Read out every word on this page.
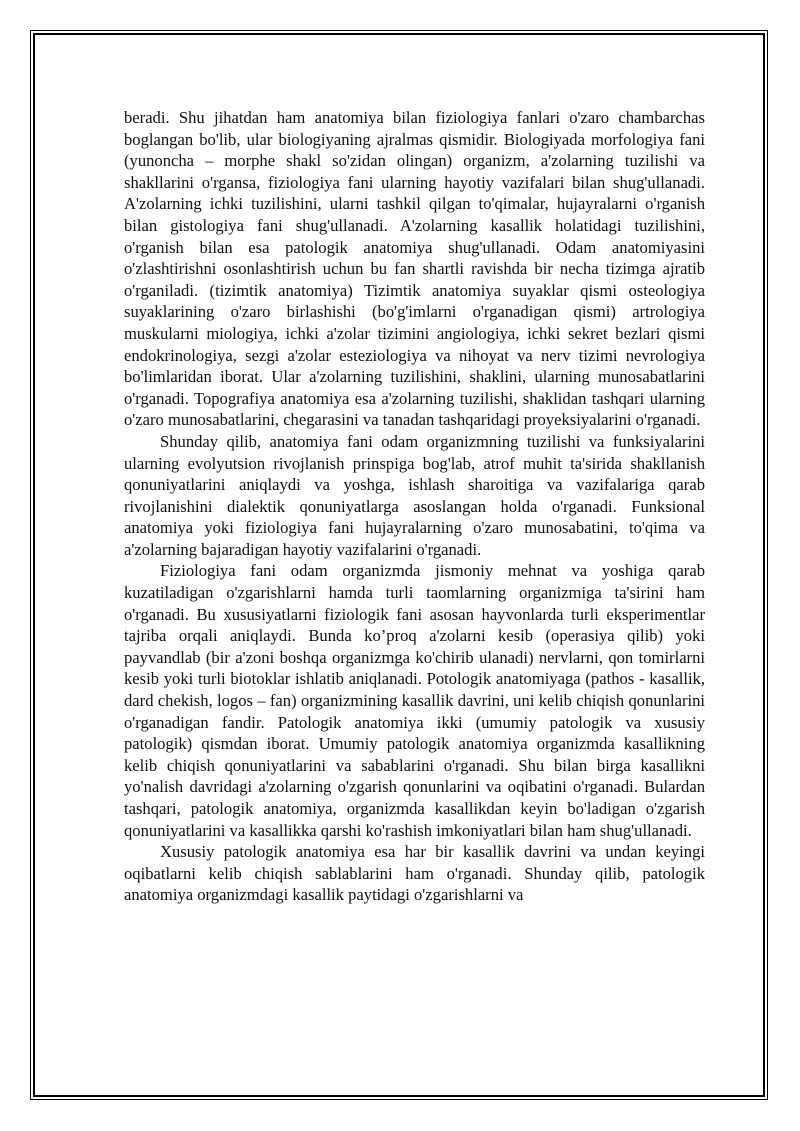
beradi. Shu jihatdan ham anatomiya bilan fiziologiya fanlari o'zaro chambarchas boglangan bo'lib, ular biologiyaning ajralmas qismidir. Biologiyada morfologiya fani (yunoncha – morphe shakl so'zidan olingan) organizm, a'zolarning tuzilishi va shakllarini o'rgansa, fiziologiya fani ularning hayotiy vazifalari bilan shug'ullanadi. A'zolarning ichki tuzilishini, ularni tashkil qilgan to'qimalar, hujayralarni o'rganish bilan gistologiya fani shug'ullanadi. A'zolarning kasallik holatidagi tuzilishini, o'rganish bilan esa patologik anatomiya shug'ullanadi. Odam anatomiyasini o'zlashtirishni osonlashtirish uchun bu fan shartli ravishda bir necha tizimga ajratib o'rganiladi. (tizimtik anatomiya) Tizimtik anatomiya suyaklar qismi osteologiya suyaklarining o'zaro birlashishi (bo'g'imlarni o'rganadigan qismi) artrologiya muskularni miologiya, ichki a'zolar tizimini angiologiya, ichki sekret bezlari qismi endokrinologiya, sezgi a'zolar esteziologiya va nihoyat va nerv tizimi nevrologiya bo'limlaridan iborat. Ular a'zolarning tuzilishini, shaklini, ularning munosabatlarini o'rganadi. Topografiya anatomiya esa a'zolarning tuzilishi, shaklidan tashqari ularning o'zaro munosabatlarini, chegarasini va tanadan tashqaridagi proyeksiyalarini o'rganadi.

Shunday qilib, anatomiya fani odam organizmning tuzilishi va funksiyalarini ularning evolyutsion rivojlanish prinspiga bog'lab, atrof muhit ta'sirida shakllanish qonuniyatlarini aniqlaydi va yoshga, ishlash sharoitiga va vazifalariga qarab rivojlanishini dialektik qonuniyatlarga asoslangan holda o'rganadi. Funksional anatomiya yoki fiziologiya fani hujayralarning o'zaro munosabatini, to'qima va a'zolarning bajaradigan hayotiy vazifalarini o'rganadi.

Fiziologiya fani odam organizmda jismoniy mehnat va yoshiga qarab kuzatiladigan o'zgarishlarni hamda turli taomlarning organizmiga ta'sirini ham o'rganadi. Bu xususiyatlarni fiziologik fani asosan hayvonlarda turli eksperimentlar tajriba orqali aniqlaydi. Bunda ko’proq a'zolarni kesib (operasiya qilib) yoki payvandlab (bir a'zoni boshqa organizmga ko'chirib ulanadi) nervlarni, qon tomirlarni kesib yoki turli biotoklar ishlatib aniqlanadi. Potologik anatomiyaga (pathos - kasallik, dard chekish, logos – fan) organizmining kasallik davrini, uni kelib chiqish qonunlarini o'rganadigan fandir. Patologik anatomiya ikki (umumiy patologik va xususiy patologik) qismdan iborat. Umumiy patologik anatomiya organizmda kasallikning kelib chiqish qonuniyatlarini va sabablarini o'rganadi. Shu bilan birga kasallikni yo'nalish davridagi a'zolarning o'zgarish qonunlarini va oqibatini o'rganadi. Bulardan tashqari, patologik anatomiya, organizmda kasallikdan keyin bo'ladigan o'zgarish qonuniyatlarini va kasallikka qarshi ko'rashish imkoniyatlari bilan ham shug'ullanadi.

Xususiy patologik anatomiya esa har bir kasallik davrini va undan keyingi oqibatlarni kelib chiqish sablablarini ham o'rganadi. Shunday qilib, patologik anatomiya organizmdagi kasallik paytidagi o'zgarishlarni va
